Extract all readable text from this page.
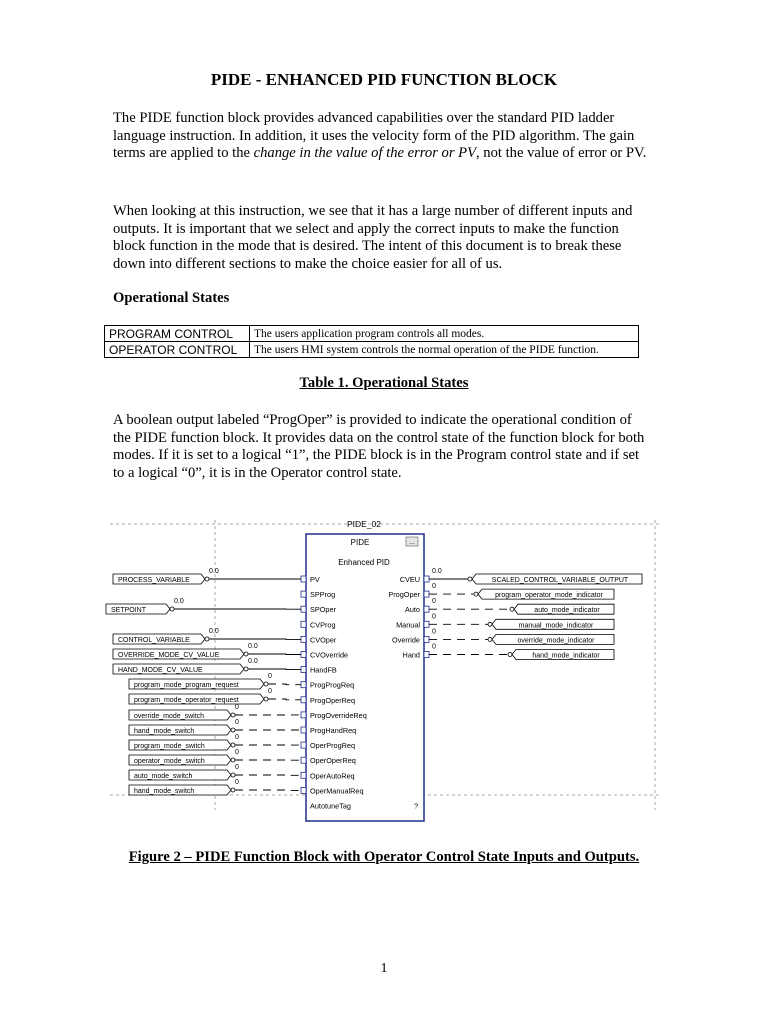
PIDE - ENHANCED PID FUNCTION BLOCK

The PIDE function block provides advanced capabilities over the standard PID ladder language instruction. In addition, it uses the velocity form of the PID algorithm. The gain terms are applied to the change in the value of the error or PV, not the value of error or PV.

When looking at this instruction, we see that it has a large number of different inputs and outputs. It is important that we select and apply the correct inputs to make the function block function in the mode that is desired. The intent of this document is to break these down into different sections to make the choice easier for all of us.

Operational States
PROGRAM CONTROL	The users application program controls all modes.
OPERATOR CONTROL	The users HMI system controls the normal operation of the PIDE function.
Table 1. Operational States

A boolean output labeled “ProgOper” is provided to indicate the operational condition of the PIDE function block. It provides data on the control state of the function block for both modes. If it is set to a logical “1”, the PIDE block is in the Program control state and if set to a logical “0”, it is in the Operator control state.

PIDE_02
PIDE	...
Enhanced PID
PV
SPProg
SPOper
CVProg
CVOper
CVOverride
HandFB
ProgProgReq
ProgOperReq
ProgOverrideReq
ProgHandReq
OperProgReq
OperOperReq
OperAutoReq
OperManualReq
AutotuneTag	?
PROCESS_VARIABLE
0.0
SETPOINT
0.0
CONTROL_VARIABLE
0.0
OVERRIDE_MODE_CV_VALUE
0.0
HAND_MODE_CV_VALUE
0.0
program_mode_program_request
0
program_mode_operator_request
0
override_mode_switch
0
hand_mode_switch
0
program_mode_switch
0
operator_mode_switch
0
auto_mode_switch
0
hand_mode_switch
0
CVEU
ProgOper
Auto
Manual
Override
Hand
0.0
SCALED_CONTROL_VARIABLE_OUTPUT
0
program_operator_mode_indicator
0
auto_mode_indicator
0
manual_mode_indicator
0
override_mode_indicator
0
hand_mode_indicator
Figure 2 – PIDE Function Block with Operator Control State Inputs and Outputs.
1
